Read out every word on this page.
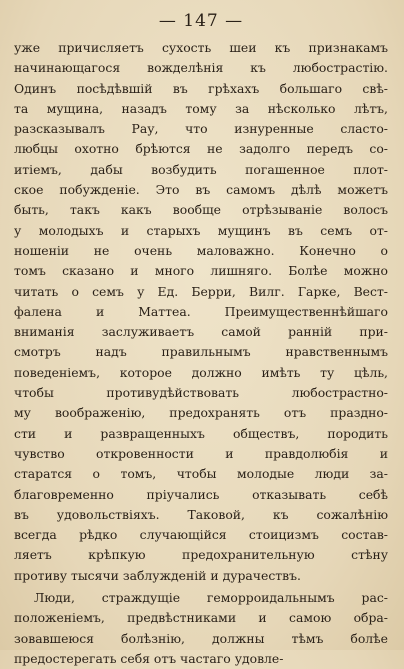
— 147 —
уже причисляетъ сухость шеи къ признакамъ
начинающагося вожделѣнія къ любострастію.
Одинъ посѣдѣвшій въ грѣхахъ большаго свѣ-
та мущина, назадъ тому за нѣсколько лѣтъ,
разсказывалъ Рау, что изнуренные сласто-
любцы охотно брѣются не задолго передъ со-
итіемъ, дабы возбудить погашенное плот-
ское побужденіе. Это въ самомъ дѣлѣ можетъ
быть, такъ какъ вообще отрѣзываніе волосъ
у молодыхъ и старыхъ мущинъ въ семъ от-
ношеніи не очень маловажно. Конечно о
томъ сказано и много лишняго. Болѣе можно
читать о семъ у Ед. Берри, Вилг. Гарке, Вест-
фалена и Маттеа. Преимущественнѣйшаго
вниманія заслуживаетъ самой ранній при-
смотръ надъ правильнымъ нравственнымъ
поведеніемъ, которое должно имѣть ту цѣль,
чтобы противудѣйствовать любострастно-
му воображенію, предохранять отъ праздно-
сти и развращенныхъ обществъ, породить
чувство откровенности и правдолюбія и
старатся о томъ, чтобы молодые люди за-
благовременно пріучались отказывать себѣ
въ удовольствіяхъ. Таковой, къ сожалѣнію
всегда рѣдко случающійся стоицизмъ состав-
ляетъ крѣпкую предохранительную стѣну
противу тысячи заблужденій и дурачествъ.
Люди, страждущіе геморроидальнымъ рас-
положеніемъ, предвѣстниками и самою обра-
зовавшеюся болѣзнію, должны тѣмъ болѣе
предостерегать себя отъ частаго удовле-
